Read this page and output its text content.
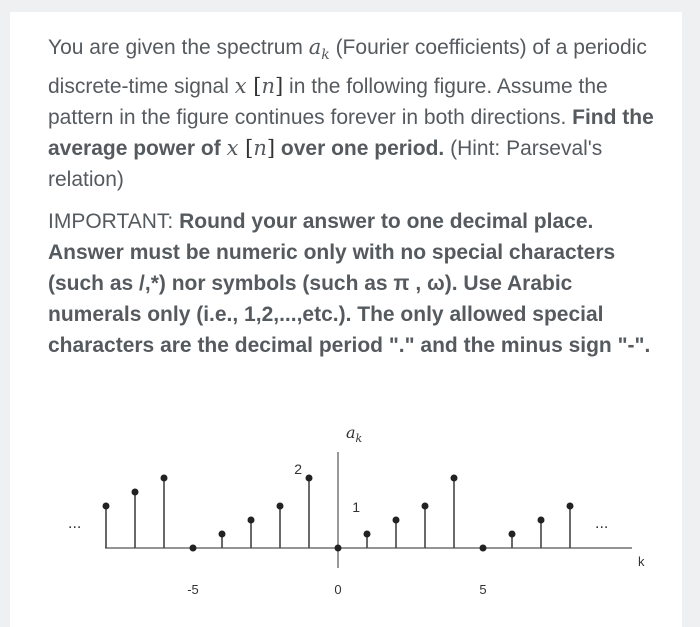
You are given the spectrum $a_k$ (Fourier coefficients) of a periodic discrete-time signal x [n] in the following figure. Assume the pattern in the figure continues forever in both directions. Find the average power of x [n] over one period. (Hint: Parseval's relation)
IMPORTANT: Round your answer to one decimal place. Answer must be numeric only with no special characters (such as /,*) nor symbols (such as π , ω). Use Arabic numerals only (i.e., 1,2,...,etc.). The only allowed special characters are the decimal period "." and the minus sign "-".
-5	0	5
2
1
$a_k$
k
...	...
